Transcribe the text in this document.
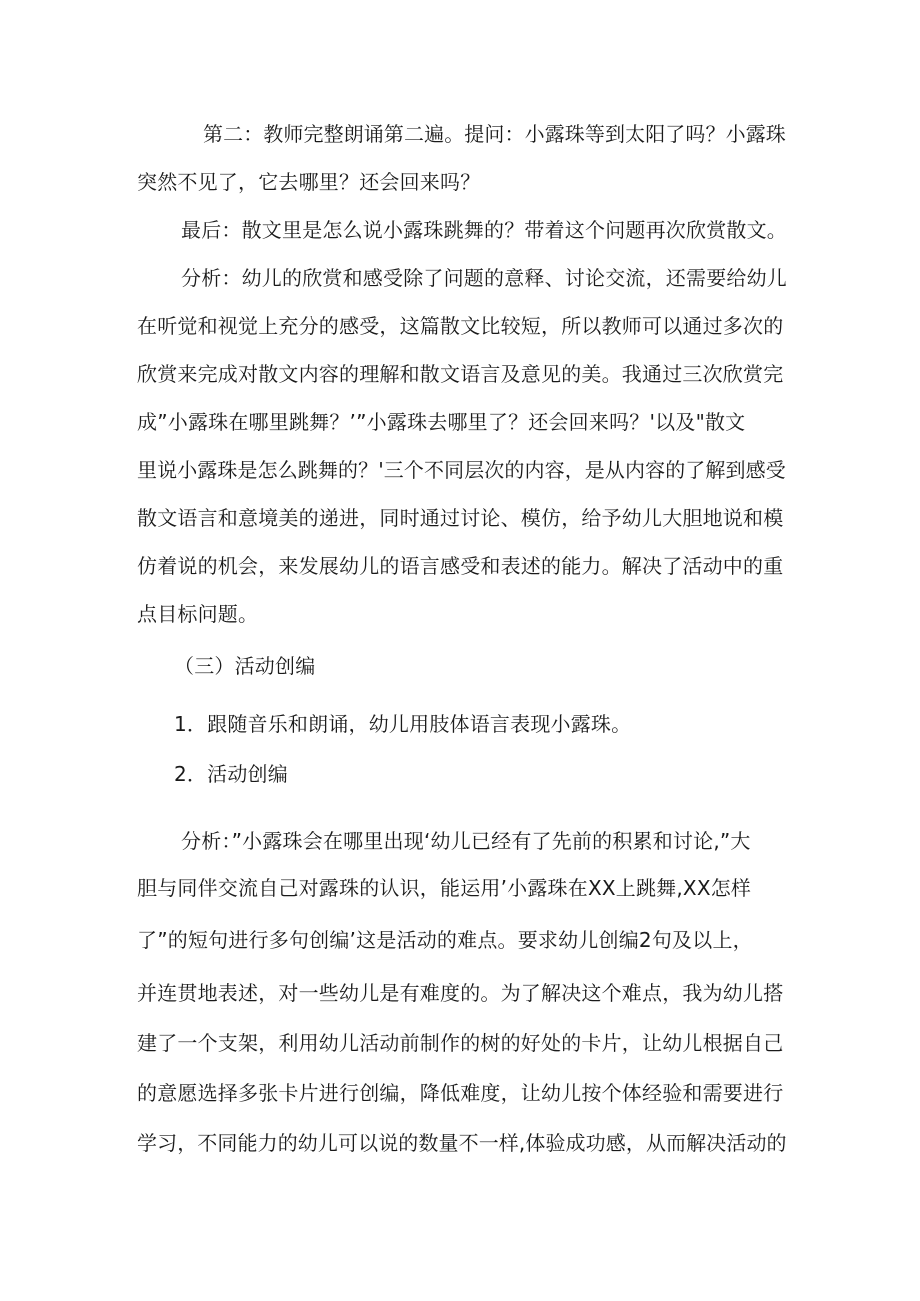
第二：教师完整朗诵第二遍。提问：小露珠等到太阳了吗？小露珠
突然不见了，它去哪里？还会回来吗？
最后：散文里是怎么说小露珠跳舞的？带着这个问题再次欣赏散文。
分析：幼儿的欣赏和感受除了问题的意释、讨论交流，还需要给幼儿
在听觉和视觉上充分的感受，这篇散文比较短，所以教师可以通过多次的
欣赏来完成对散文内容的理解和散文语言及意见的美。我通过三次欣赏完
成”小露珠在哪里跳舞？’”小露珠去哪里了？还会回来吗？'以及"散文
里说小露珠是怎么跳舞的？'三个不同层次的内容，是从内容的了解到感受
散文语言和意境美的递进，同时通过讨论、模仿，给予幼儿大胆地说和模
仿着说的机会，来发展幼儿的语言感受和表述的能力。解决了活动中的重
点目标问题。
（三）活动创编
1．跟随音乐和朗诵，幼儿用肢体语言表现小露珠。
2．活动创编
分析：”小露珠会在哪里出现‘幼儿已经有了先前的积累和讨论,”大
胆与同伴交流自己对露珠的认识，能运用’小露珠在XX上跳舞,XX怎样
了”的短句进行多句创编’这是活动的难点。要求幼儿创编2句及以上，
并连贯地表述，对一些幼儿是有难度的。为了解决这个难点，我为幼儿搭
建了一个支架，利用幼儿活动前制作的树的好处的卡片，让幼儿根据自己
的意愿选择多张卡片进行创编，降低难度，让幼儿按个体经验和需要进行
学习，不同能力的幼儿可以说的数量不一样,体验成功感，从而解决活动的
